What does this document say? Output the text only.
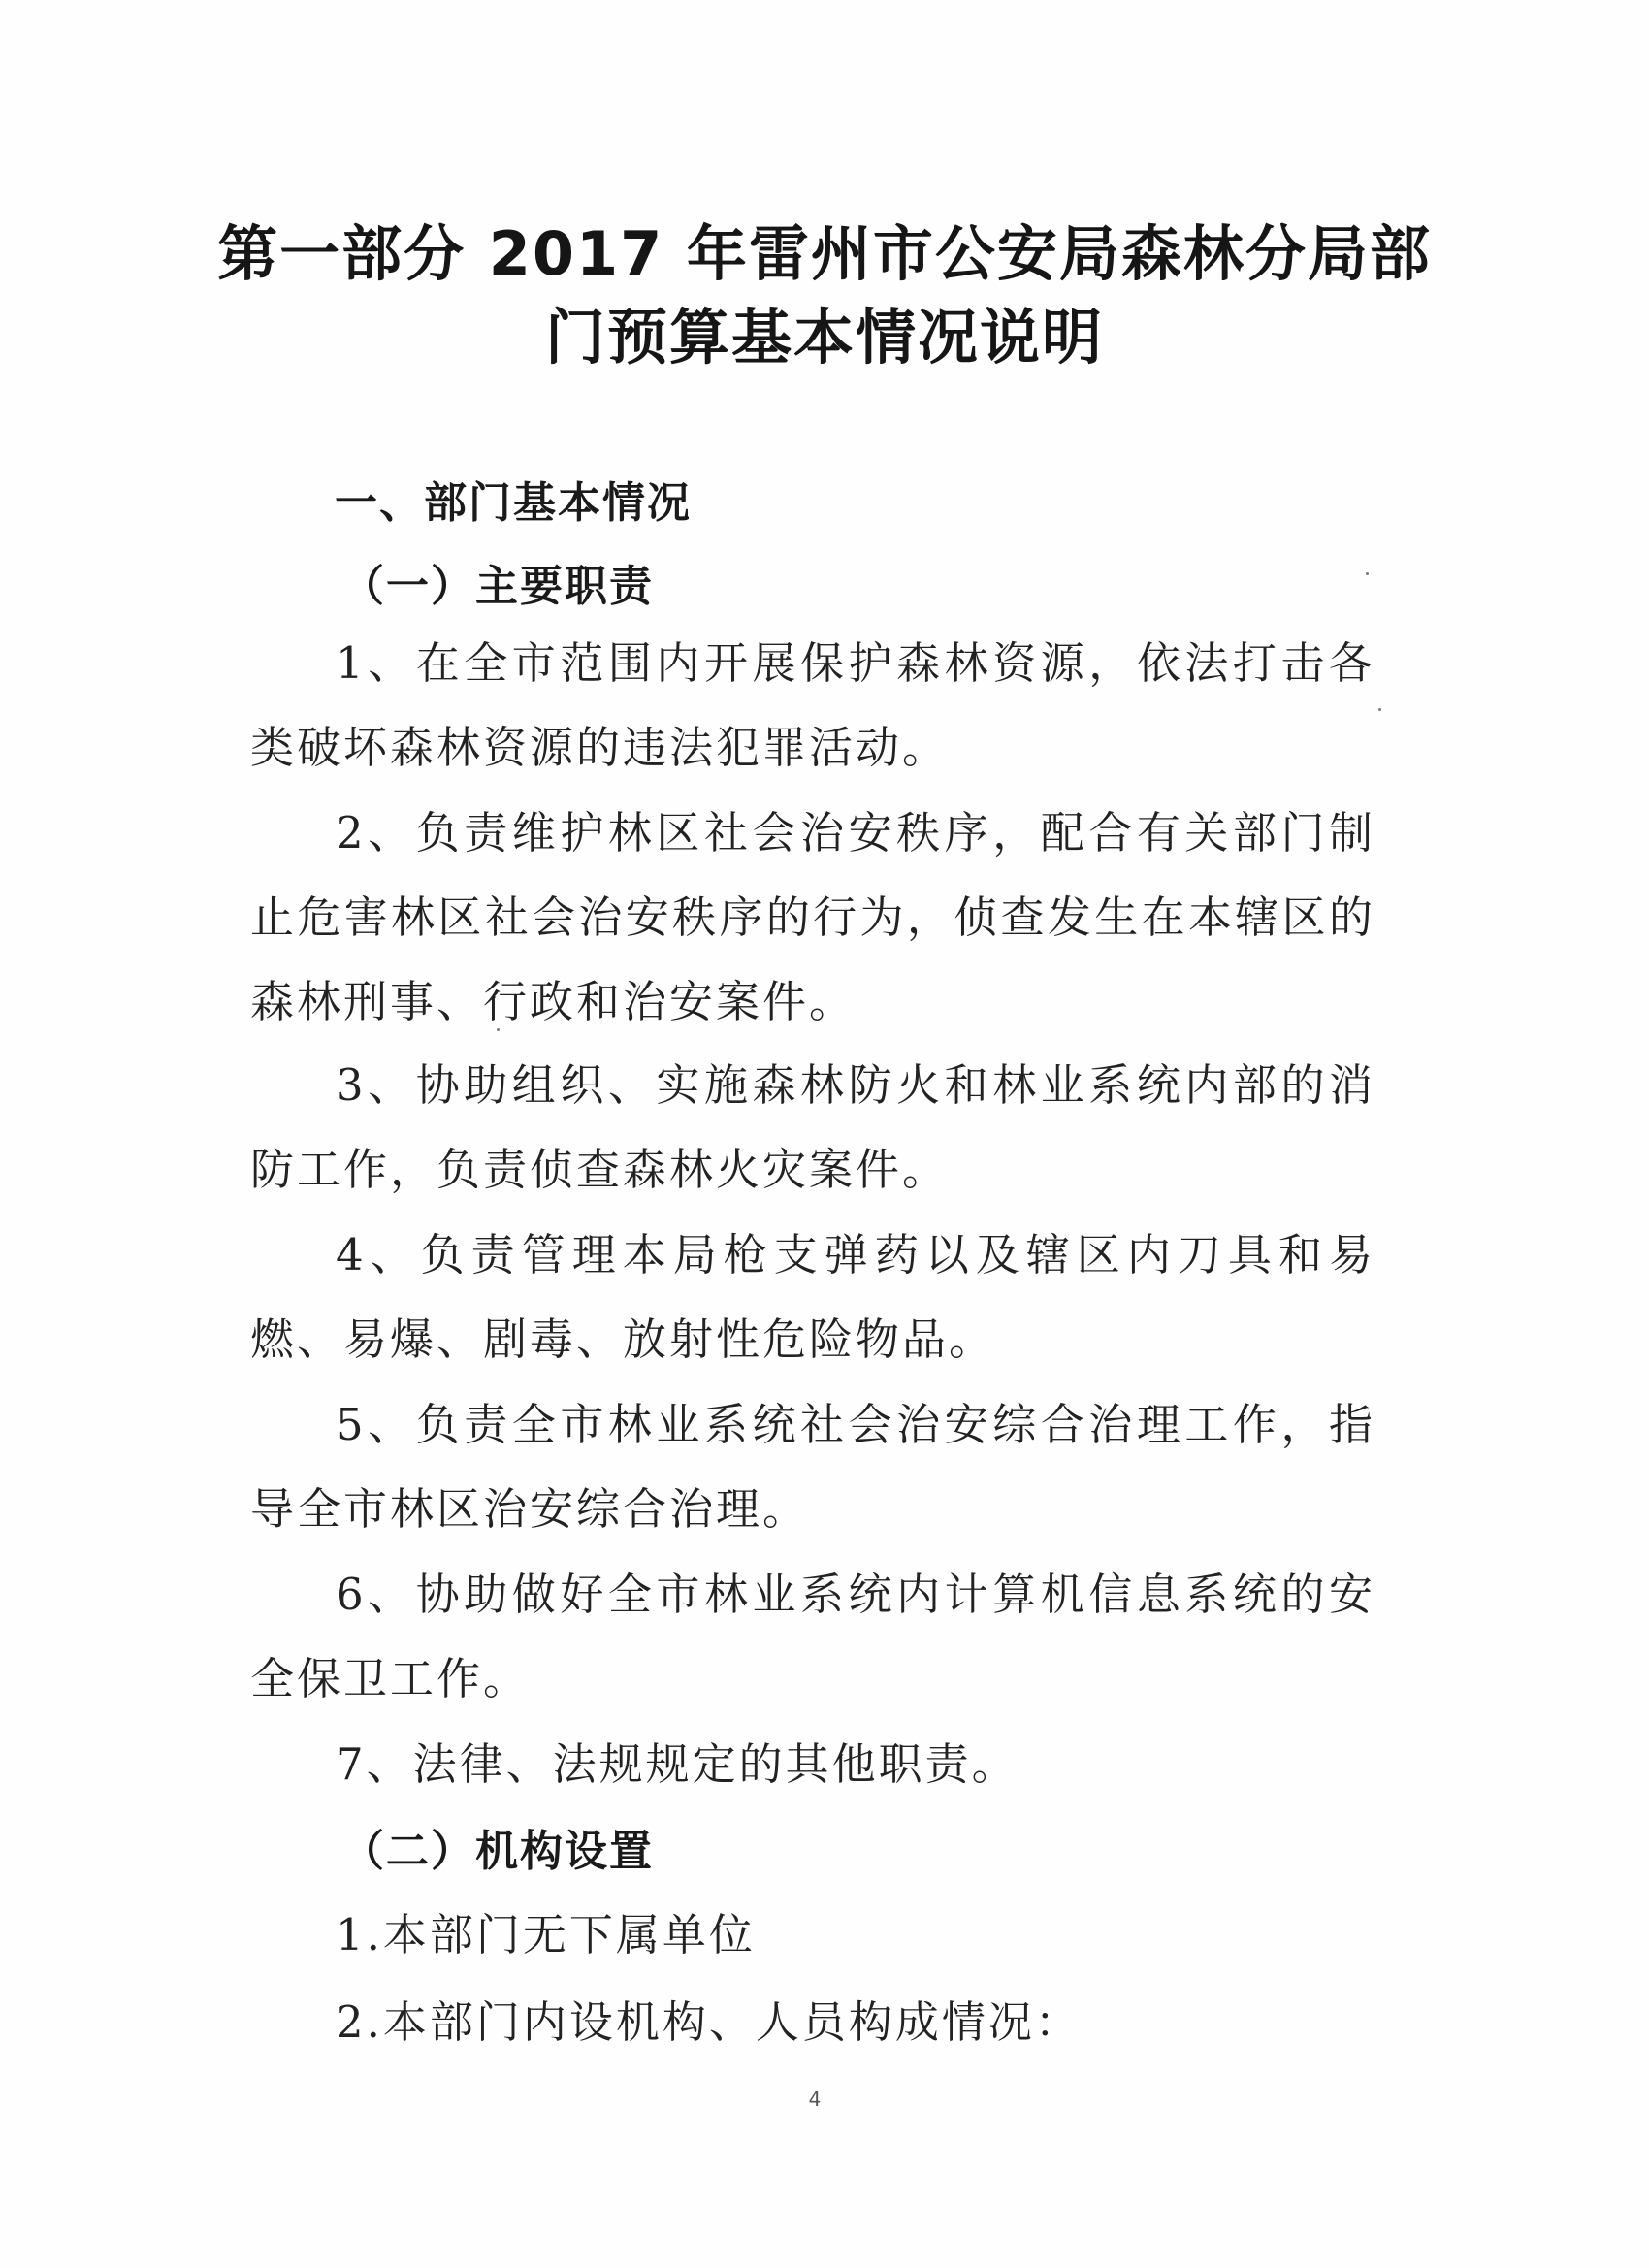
第一部分 2017 年雷州市公安局森林分局部
门预算基本情况说明
一、部门基本情况
（一）主要职责
1、在全市范围内开展保护森林资源，依法打击各类破坏森林资源的违法犯罪活动。
2、负责维护林区社会治安秩序，配合有关部门制止危害林区社会治安秩序的行为，侦查发生在本辖区的森林刑事、行政和治安案件。
3、协助组织、实施森林防火和林业系统内部的消防工作，负责侦查森林火灾案件。
4、负责管理本局枪支弹药以及辖区内刀具和易燃、易爆、剧毒、放射性危险物品。
5、负责全市林业系统社会治安综合治理工作，指导全市林区治安综合治理。
6、协助做好全市林业系统内计算机信息系统的安全保卫工作。
7、法律、法规规定的其他职责。
（二）机构设置
1.本部门无下属单位
2.本部门内设机构、人员构成情况：
4
